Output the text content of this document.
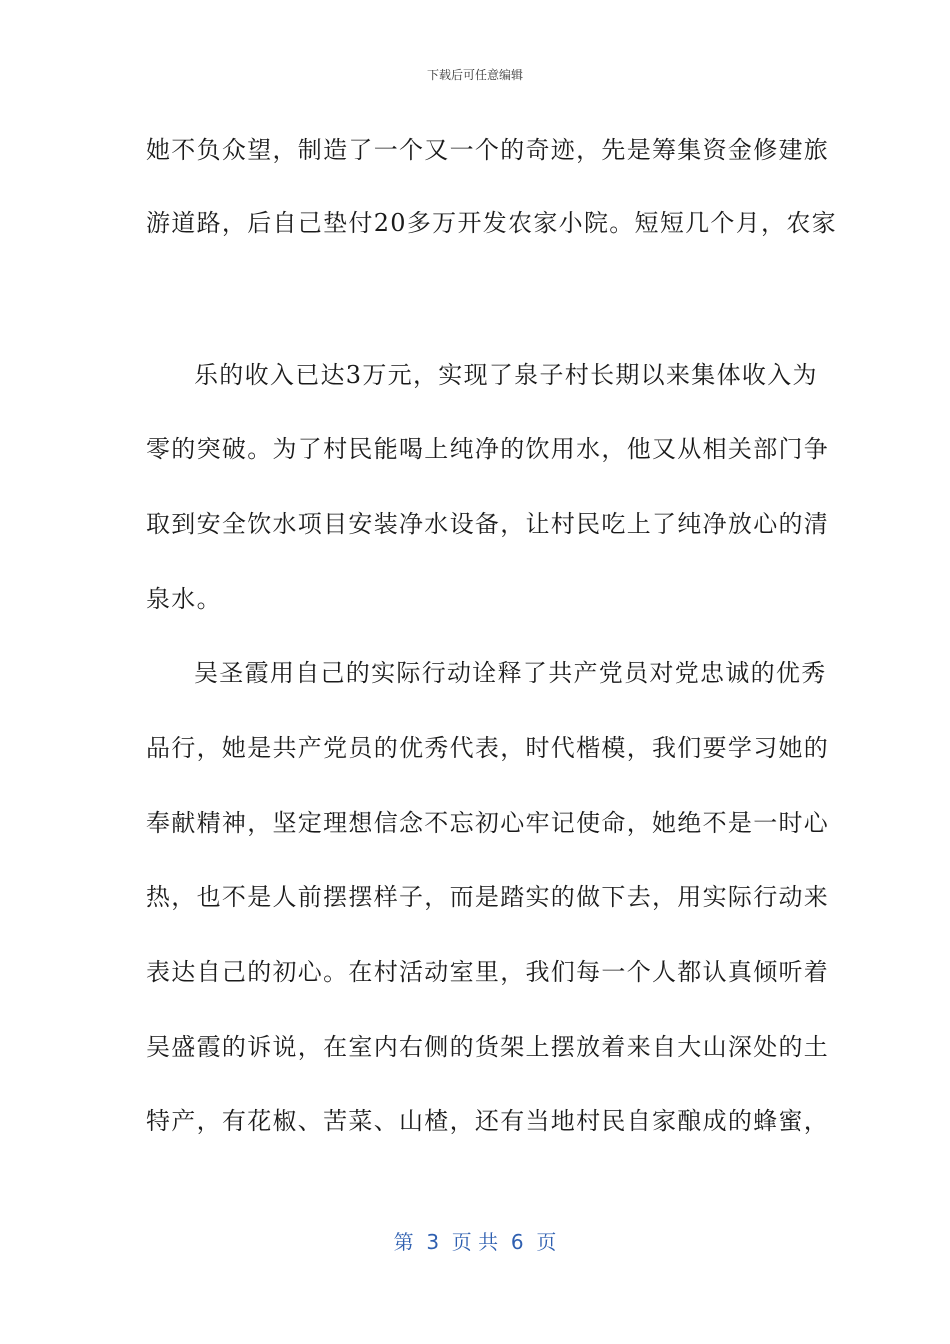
下载后可任意编辑
她不负众望，制造了一个又一个的奇迹，先是筹集资金修建旅
游道路，后自己垫付20多万开发农家小院。短短几个月，农家
乐的收入已达3万元，实现了泉子村长期以来集体收入为
零的突破。为了村民能喝上纯净的饮用水，他又从相关部门争
取到安全饮水项目安装净水设备，让村民吃上了纯净放心的清
泉水。
吴圣霞用自己的实际行动诠释了共产党员对党忠诚的优秀
品行，她是共产党员的优秀代表，时代楷模，我们要学习她的
奉献精神，坚定理想信念不忘初心牢记使命，她绝不是一时心
热，也不是人前摆摆样子，而是踏实的做下去，用实际行动来
表达自己的初心。在村活动室里，我们每一个人都认真倾听着
吴盛霞的诉说，在室内右侧的货架上摆放着来自大山深处的土
特产，有花椒、苦菜、山楂，还有当地村民自家酿成的蜂蜜，
第  3  页 共  6  页
